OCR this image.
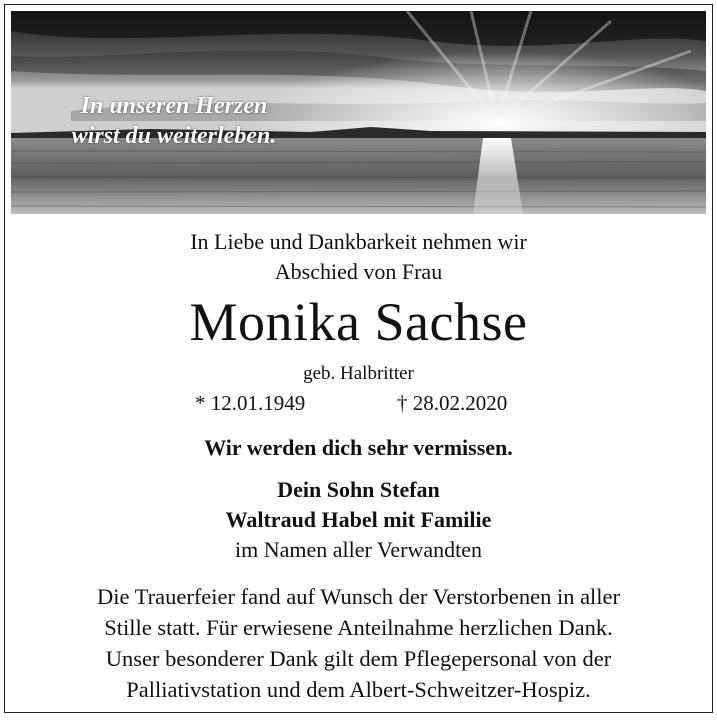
In unseren Herzen
wirst du weiterleben.
In Liebe und Dankbarkeit nehmen wir
Abschied von Frau
Monika Sachse
geb. Halbritter
* 12.01.1949	† 28.02.2020
Wir werden dich sehr vermissen.
Dein Sohn Stefan
Waltraud Habel mit Familie
im Namen aller Verwandten
Die Trauerfeier fand auf Wunsch der Verstorbenen in aller
Stille statt. Für erwiesene Anteilnahme herzlichen Dank.
Unser besonderer Dank gilt dem Pflegepersonal von der
Palliativstation und dem Albert-Schweitzer-Hospiz.
